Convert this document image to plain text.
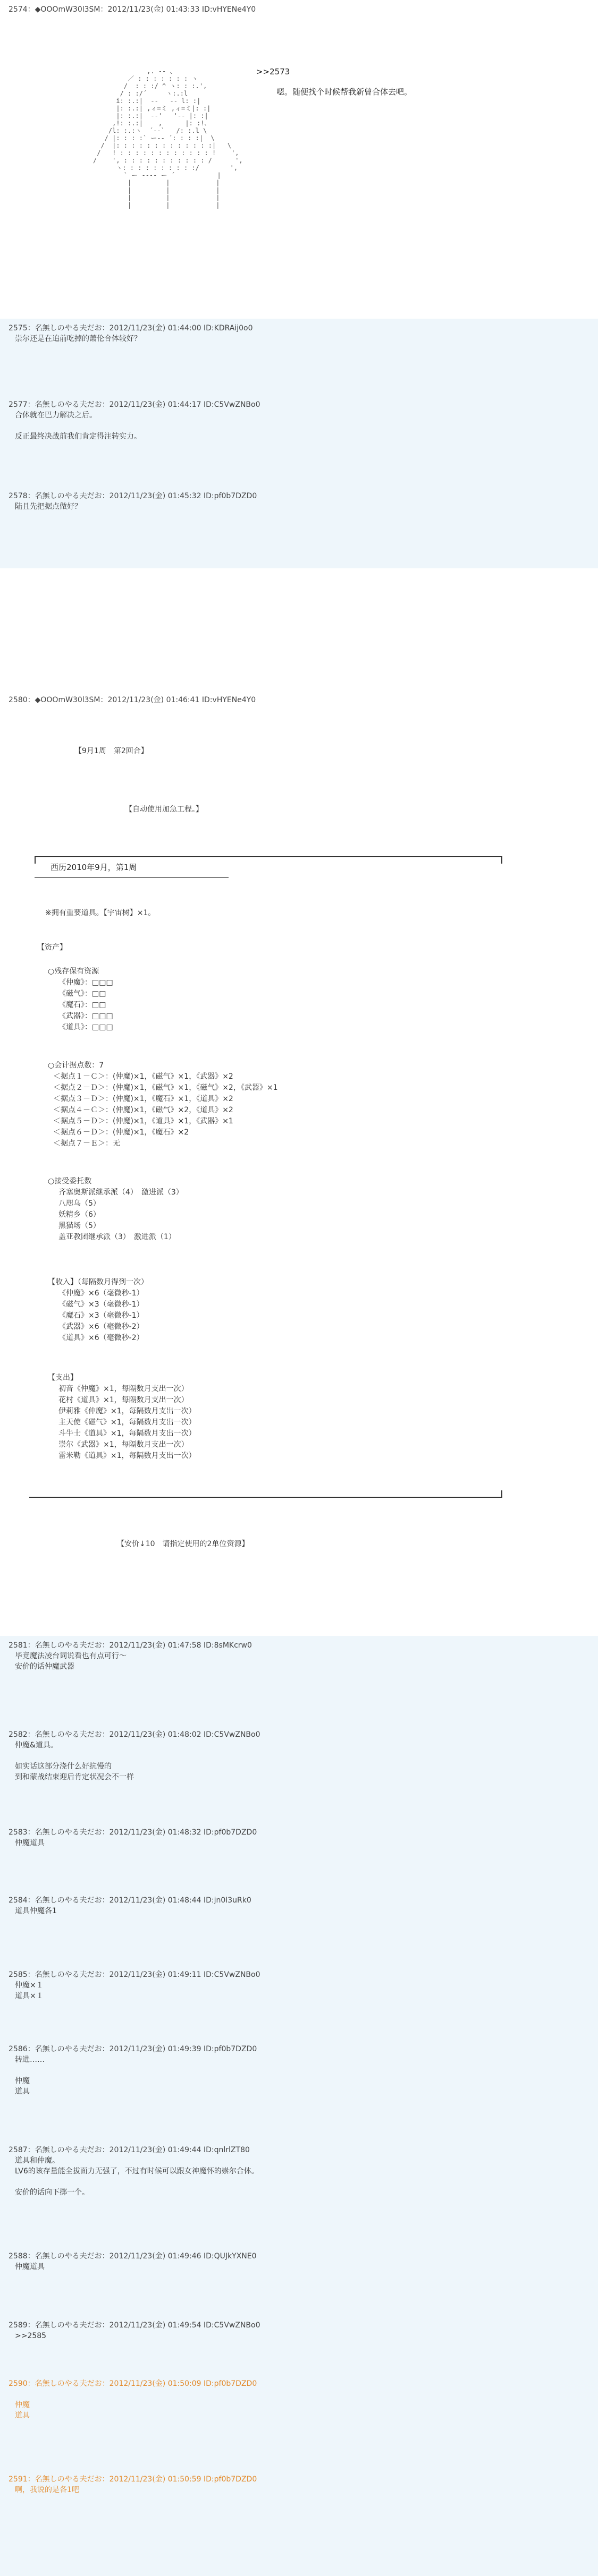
2574：◆OOOmW30l3SM：2012/11/23(金) 01:43:33 ID:vHYENe4Y0
,. -‐ 、
／ : : : : : : : ヽ
/  : : :/ ^ ヽ: : :.',
/ : :/´     ヽ:.:l
i: :.:|  ‐-   -‐ l: :|
|: :.:| ,ィ=ミ ,ィ=ミ|: :|
|: :.:|  ‐-'   '-‐ |: :|
,!: :.:|    ,      |: :!、
/l: :.:ヽ  ´-‐`   /: :.l \
/ |: : : :` ー-‐ ´: : : :|  \
/  |: : : : : : : : : : : : :|   \
/   ! : : : : : : : : : : : : !    ',
/    ', : : : : : : : : : : : /      ',
ヽ: : : : : : : : : :/        ',
` ー ---- ー ´           |
|         |            |
|         |            |
|         |            |
|         |            |
>>2573
嗯。随便找个时候帮我新曾合体去吧。
2575：名無しのやる夫だお：2012/11/23(金) 01:44:00 ID:KDRAij0o0
崇尔还是在追前吃掉的萧伦合体较好？
2577：名無しのやる夫だお：2012/11/23(金) 01:44:17 ID:C5VwZNBo0
合体就在巴力解决之后。
反正最终决战前我们肯定得注转实力。
2578：名無しのやる夫だお：2012/11/23(金) 01:45:32 ID:pf0b7DZD0
陆且先把据点做好？
2580：◆OOOmW30l3SM：2012/11/23(金) 01:46:41 ID:vHYENe4Y0
【9月1周　第2回合】
【自动使用加急工程。】
西历2010年9月，第1周
※拥有重要道具。【宇宙树】×1。
【资产】
○残存保有资源
《仲魔》：□□□
《磁气》：□□
《魔石》：□□
《武器》：□□□
《道具》：□□□
○会计据点数：7
＜据点１－Ｃ＞：(仲魔)×1，《磁气》×1，《武器》×2
＜据点２－Ｄ＞：(仲魔)×1，《磁气》×1，《磁气》×2，《武器》×1
＜据点３－Ｄ＞：(仲魔)×1，《魔石》×1，《道具》×2
＜据点４－Ｃ＞：(仲魔)×1，《磁气》×2，《道具》×2
＜据点５－Ｄ＞：(仲魔)×1，《道具》×1，《武器》×1
＜据点６－Ｄ＞：(仲魔)×1，《魔石》×2
＜据点７－Ｅ＞：无
○接受委托数
齐塞奥斯派继承派（4）　激进派（3）
八咫乌（5）
妖精乡（6）
黑猫场（5）
盖亚教团继承派（3）　激进派（1）
【收入】（每隔数月得到一次）
《仲魔》×6（毫微秒-1）
《磁气》×3（毫微秒-1）
《魔石》×3（毫微秒-1）
《武器》×6（毫微秒-2）
《道具》×6（毫微秒-2）
【支出】
初音《仲魔》×1，每隔数月支出一次）
花村《道具》×1，每隔数月支出一次）
伊莉雅《仲魔》×1，每隔数月支出一次）
主天使《磁气》×1，每隔数月支出一次）
斗牛士《道具》×1，每隔数月支出一次）
崇尔《武器》×1，每隔数月支出一次）
雷米勒《道具》×1，每隔数月支出一次）
【安价↓10　请指定使用的2单位资源】
2581：名無しのやる夫だお：2012/11/23(金) 01:47:58 ID:8sMKcrw0
毕竟魔法凌台词说看也有点可行〜
安价的话仲魔武器
2582：名無しのやる夫だお：2012/11/23(金) 01:48:02 ID:C5VwZNBo0
仲魔&道具。
如实话这部分浇什么好抗慢的
到和蒙战结束迎后肯定状况会不一样
2583：名無しのやる夫だお：2012/11/23(金) 01:48:32 ID:pf0b7DZD0
仲魔道具
2584：名無しのやる夫だお：2012/11/23(金) 01:48:44 ID:jn0l3uRk0
道具仲魔各1
2585：名無しのやる夫だお：2012/11/23(金) 01:49:11 ID:C5VwZNBo0
仲魔×１
道具×１
2586：名無しのやる夫だお：2012/11/23(金) 01:49:39 ID:pf0b7DZD0
转进……
仲魔
道具
2587：名無しのやる夫だお：2012/11/23(金) 01:49:44 ID:qnlrlZT80
道具和仲魔。
LV6的该存量能全拔面力无强了，不过有时候可以跟女神魔怀的崇尔合体。
安价的话向下掷一个。
2588：名無しのやる夫だお：2012/11/23(金) 01:49:46 ID:QUJkYXNE0
仲魔道具
2589：名無しのやる夫だお：2012/11/23(金) 01:49:54 ID:C5VwZNBo0
>>2585
2590：名無しのやる夫だお：2012/11/23(金) 01:50:09 ID:pf0b7DZD0
仲魔
道具
2591：名無しのやる夫だお：2012/11/23(金) 01:50:59 ID:pf0b7DZD0
啊，我说的是各1吧
